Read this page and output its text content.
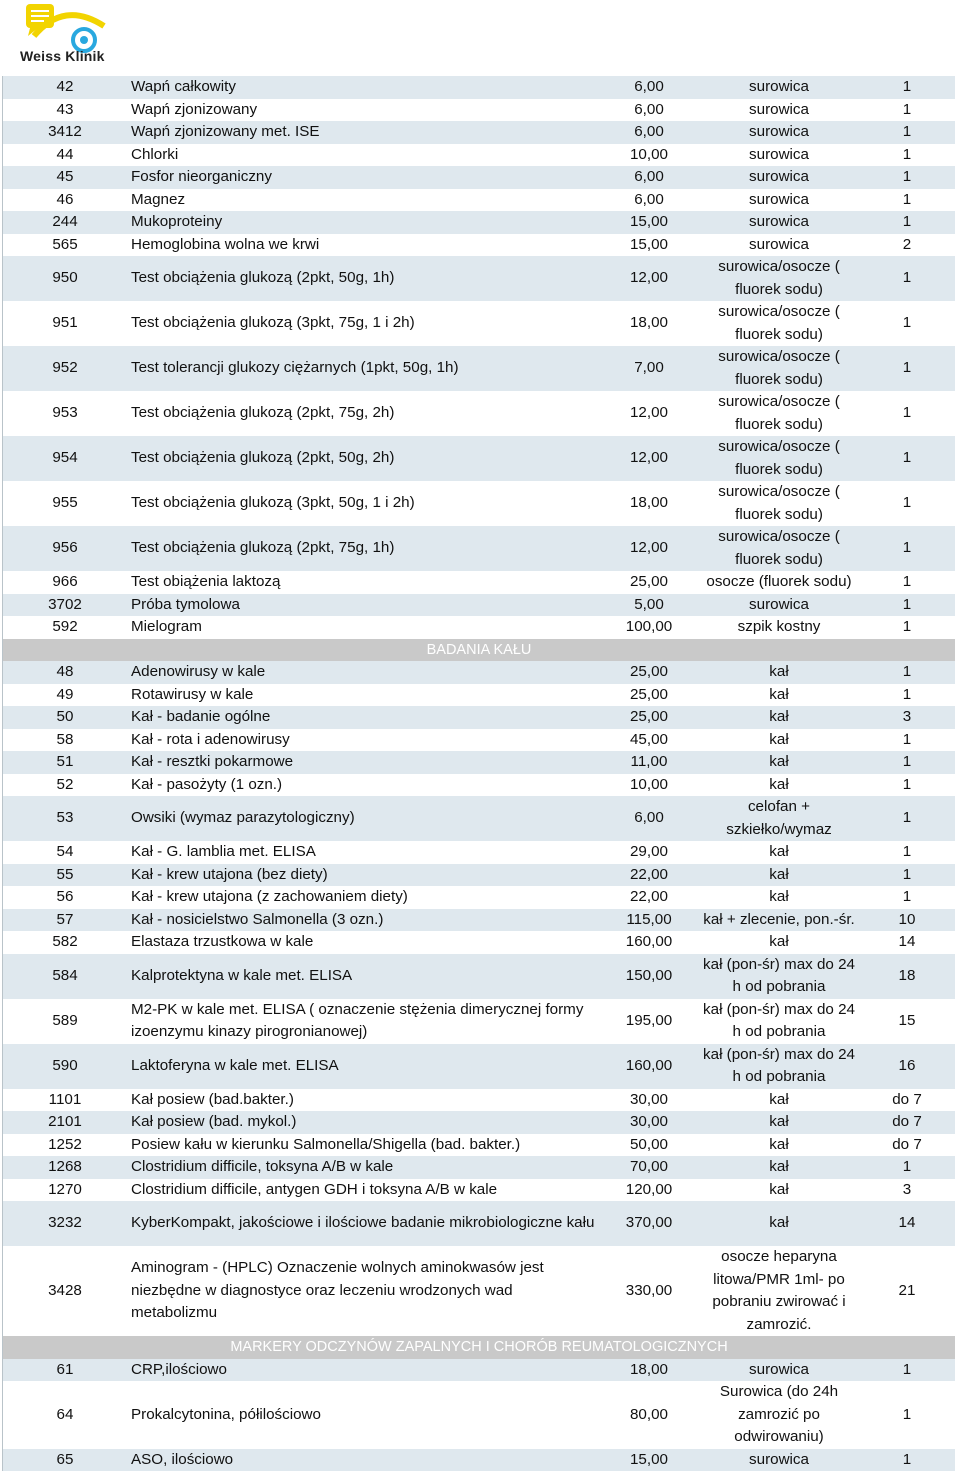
Weiss Klinik
42	Wapń całkowity	6,00	surowica	1
43	Wapń zjonizowany	6,00	surowica	1
3412	Wapń zjonizowany met. ISE	6,00	surowica	1
44	Chlorki	10,00	surowica	1
45	Fosfor nieorganiczny	6,00	surowica	1
46	Magnez	6,00	surowica	1
244	Mukoproteiny	15,00	surowica	1
565	Hemoglobina wolna we krwi	15,00	surowica	2
950	Test obciążenia glukozą (2pkt, 50g, 1h)	12,00	surowica/osocze ( fluorek sodu)	1
951	Test obciążenia glukozą (3pkt, 75g, 1 i 2h)	18,00	surowica/osocze ( fluorek sodu)	1
952	Test tolerancji glukozy ciężarnych (1pkt, 50g, 1h)	7,00	surowica/osocze ( fluorek sodu)	1
953	Test obciążenia glukozą (2pkt, 75g, 2h)	12,00	surowica/osocze ( fluorek sodu)	1
954	Test obciążenia glukozą (2pkt, 50g, 2h)	12,00	surowica/osocze ( fluorek sodu)	1
955	Test obciążenia glukozą (3pkt, 50g, 1 i 2h)	18,00	surowica/osocze ( fluorek sodu)	1
956	Test obciążenia glukozą (2pkt, 75g, 1h)	12,00	surowica/osocze ( fluorek sodu)	1
966	Test obiążenia laktozą	25,00	osocze (fluorek sodu)	1
3702	Próba tymolowa	5,00	surowica	1
592	Mielogram	100,00	szpik kostny	1
BADANIA KAŁU				
48	Adenowirusy w kale	25,00	kał	1
49	Rotawirusy w kale	25,00	kał	1
50	Kał - badanie ogólne	25,00	kał	3
58	Kał - rota i adenowirusy	45,00	kał	1
51	Kał - resztki pokarmowe	11,00	kał	1
52	Kał - pasożyty (1 ozn.)	10,00	kał	1
53	Owsiki (wymaz parazytologiczny)	6,00	celofan + szkiełko/wymaz	1
54	Kał - G. lamblia met. ELISA	29,00	kał	1
55	Kał - krew utajona (bez diety)	22,00	kał	1
56	Kał - krew utajona (z zachowaniem diety)	22,00	kał	1
57	Kał - nosicielstwo Salmonella (3 ozn.)	115,00	kał + zlecenie, pon.-śr.	10
582	Elastaza trzustkowa w kale	160,00	kał	14
584	Kalprotektyna w kale met. ELISA	150,00	kał (pon-śr) max do 24 h od pobrania	18
589	M2-PK w kale met. ELISA ( oznaczenie stężenia dimerycznej formy izoenzymu kinazy pirogronianowej)	195,00	kał (pon-śr) max do 24 h od pobrania	15
590	Laktoferyna w kale met. ELISA	160,00	kał (pon-śr) max do 24 h od pobrania	16
1101	Kał posiew (bad.bakter.)	30,00	kał	do 7
2101	Kał posiew (bad. mykol.)	30,00	kał	do 7
1252	Posiew kału w kierunku Salmonella/Shigella (bad. bakter.)	50,00	kał	do 7
1268	Clostridium difficile, toksyna A/B w kale	70,00	kał	1
1270	Clostridium difficile, antygen GDH i toksyna A/B w kale	120,00	kał	3
3232	KyberKompakt, jakościowe i ilościowe badanie mikrobiologiczne kału	370,00	kał	14
3428	Aminogram - (HPLC) Oznaczenie wolnych aminokwasów jest niezbędne w diagnostyce oraz leczeniu wrodzonych wad metabolizmu	330,00	osocze heparyna litowa/PMR 1ml- po pobraniu zwirować i zamrozić.	21
MARKERY ODCZYNÓW ZAPALNYCH I CHORÓB REUMATOLOGICZNYCH				
61	CRP,ilościowo	18,00	surowica	1
64	Prokalcytonina, półilościowo	80,00	Surowica (do 24h zamrozić po odwirowaniu)	1
65	ASO, ilościowo	15,00	surowica	1
